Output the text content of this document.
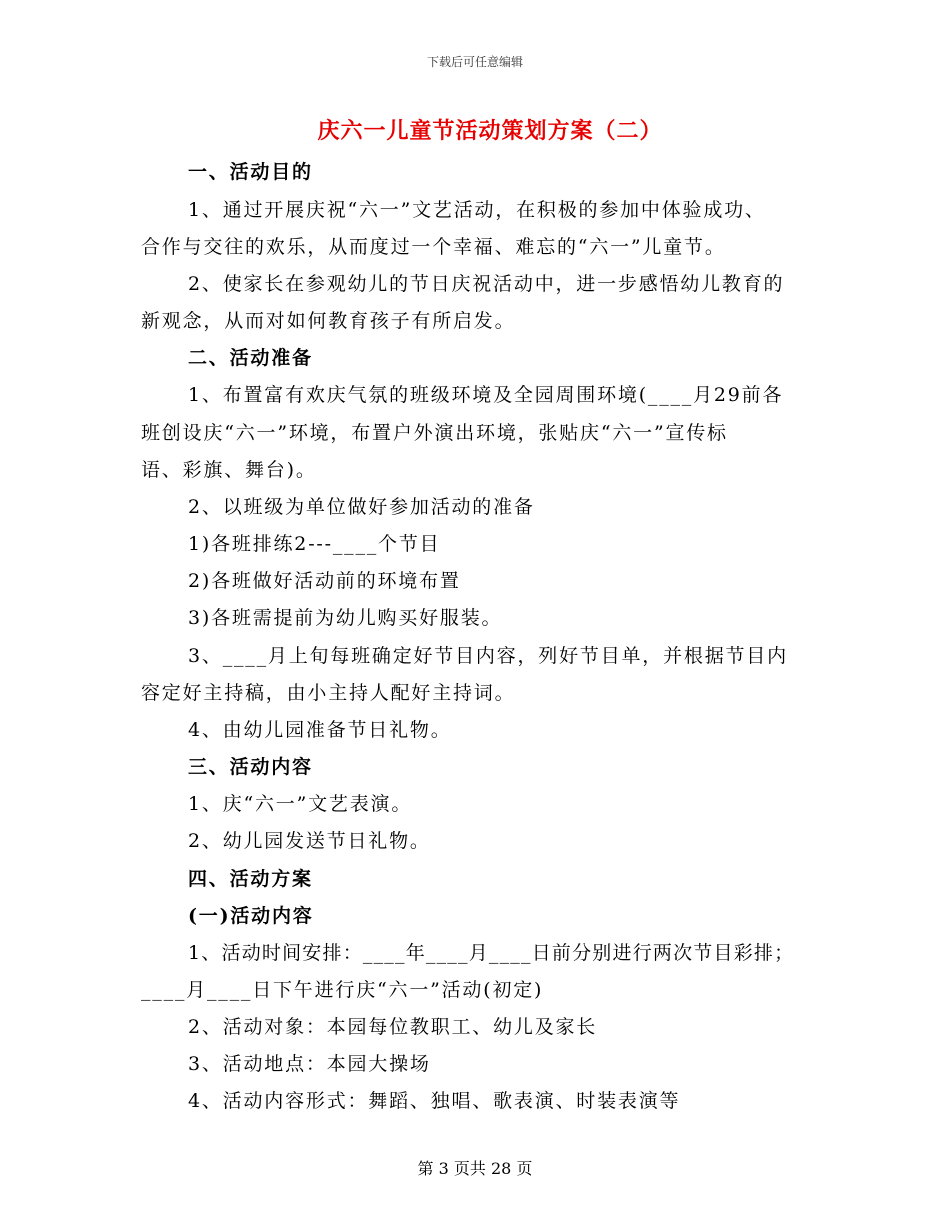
下载后可任意编辑
庆六一儿童节活动策划方案（二）
一、活动目的
1、通过开展庆祝“六一”文艺活动，在积极的参加中体验成功、
合作与交往的欢乐，从而度过一个幸福、难忘的“六一”儿童节。
2、使家长在参观幼儿的节日庆祝活动中，进一步感悟幼儿教育的
新观念，从而对如何教育孩子有所启发。
二、活动准备
1、布置富有欢庆气氛的班级环境及全园周围环境(____月29前各
班创设庆“六一”环境，布置户外演出环境，张贴庆“六一”宣传标
语、彩旗、舞台)。
2、以班级为单位做好参加活动的准备
1)各班排练2---____个节目
2)各班做好活动前的环境布置
3)各班需提前为幼儿购买好服装。
3、____月上旬每班确定好节目内容，列好节目单，并根据节目内
容定好主持稿，由小主持人配好主持词。
4、由幼儿园准备节日礼物。
三、活动内容
1、庆“六一”文艺表演。
2、幼儿园发送节日礼物。
四、活动方案
(一)活动内容
1、活动时间安排：____年____月____日前分别进行两次节目彩排；
____月____日下午进行庆“六一”活动(初定)
2、活动对象：本园每位教职工、幼儿及家长
3、活动地点：本园大操场
4、活动内容形式：舞蹈、独唱、歌表演、时装表演等
第 3 页共 28 页
